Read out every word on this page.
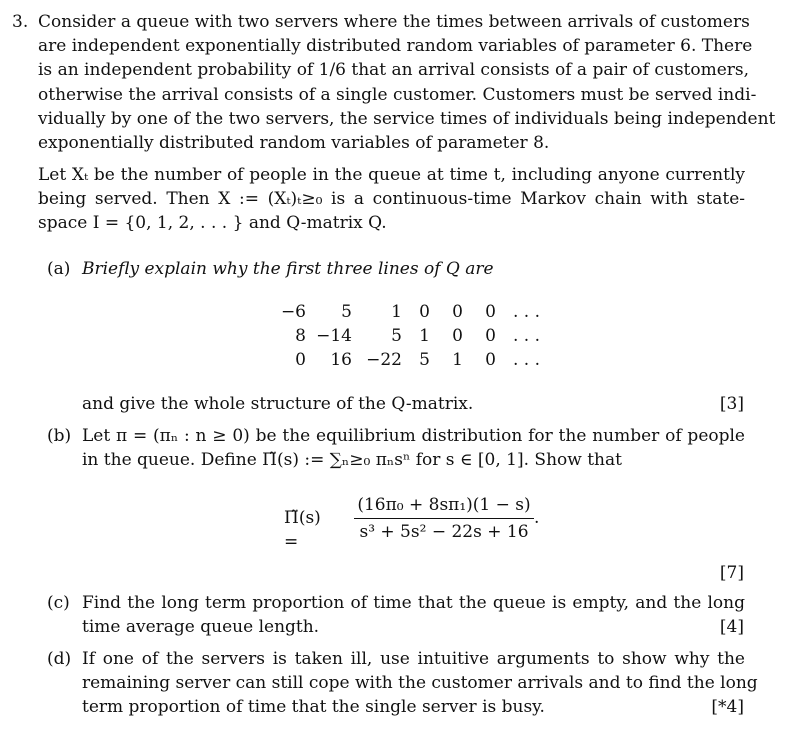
3. Consider a queue with two servers where the times between arrivals of customers
are independent exponentially distributed random variables of parameter 6. There
is an independent probability of 1/6 that an arrival consists of a pair of customers,
otherwise the arrival consists of a single customer. Customers must be served indi-
vidually by one of the two servers, the service times of individuals being independent
exponentially distributed random variables of parameter 8.
Let Xₜ be the number of people in the queue at time t, including anyone currently
being served. Then X := (Xₜ)ₜ≥₀ is a continuous-time Markov chain with state-
space I = {0, 1, 2, . . . } and Q-matrix Q.
(a) Briefly explain why the first three lines of Q are
−6	5	1	0	0	0	. . .
8	−14	5	1	0	0	. . .
0	16	−22	5	1	0	. . .
and give the whole structure of the Q-matrix.	[3]
(b) Let π = (πₙ : n ≥ 0) be the equilibrium distribution for the number of people
in the queue. Define Π̃(s) := ∑ₙ≥₀ πₙsⁿ for s ∈ [0, 1]. Show that
Π̃(s) =	$\frac{\text{(16π₀ + 8sπ₁)(1 − s)}}{\text{s³ + 5s² − 22s + 16}}$ .
[7]
(c) Find the long term proportion of time that the queue is empty, and the long
time average queue length.	[4]
(d) If one of the servers is taken ill, use intuitive arguments to show why the
remaining server can still cope with the customer arrivals and to find the long
term proportion of time that the single server is busy.	[*4]
